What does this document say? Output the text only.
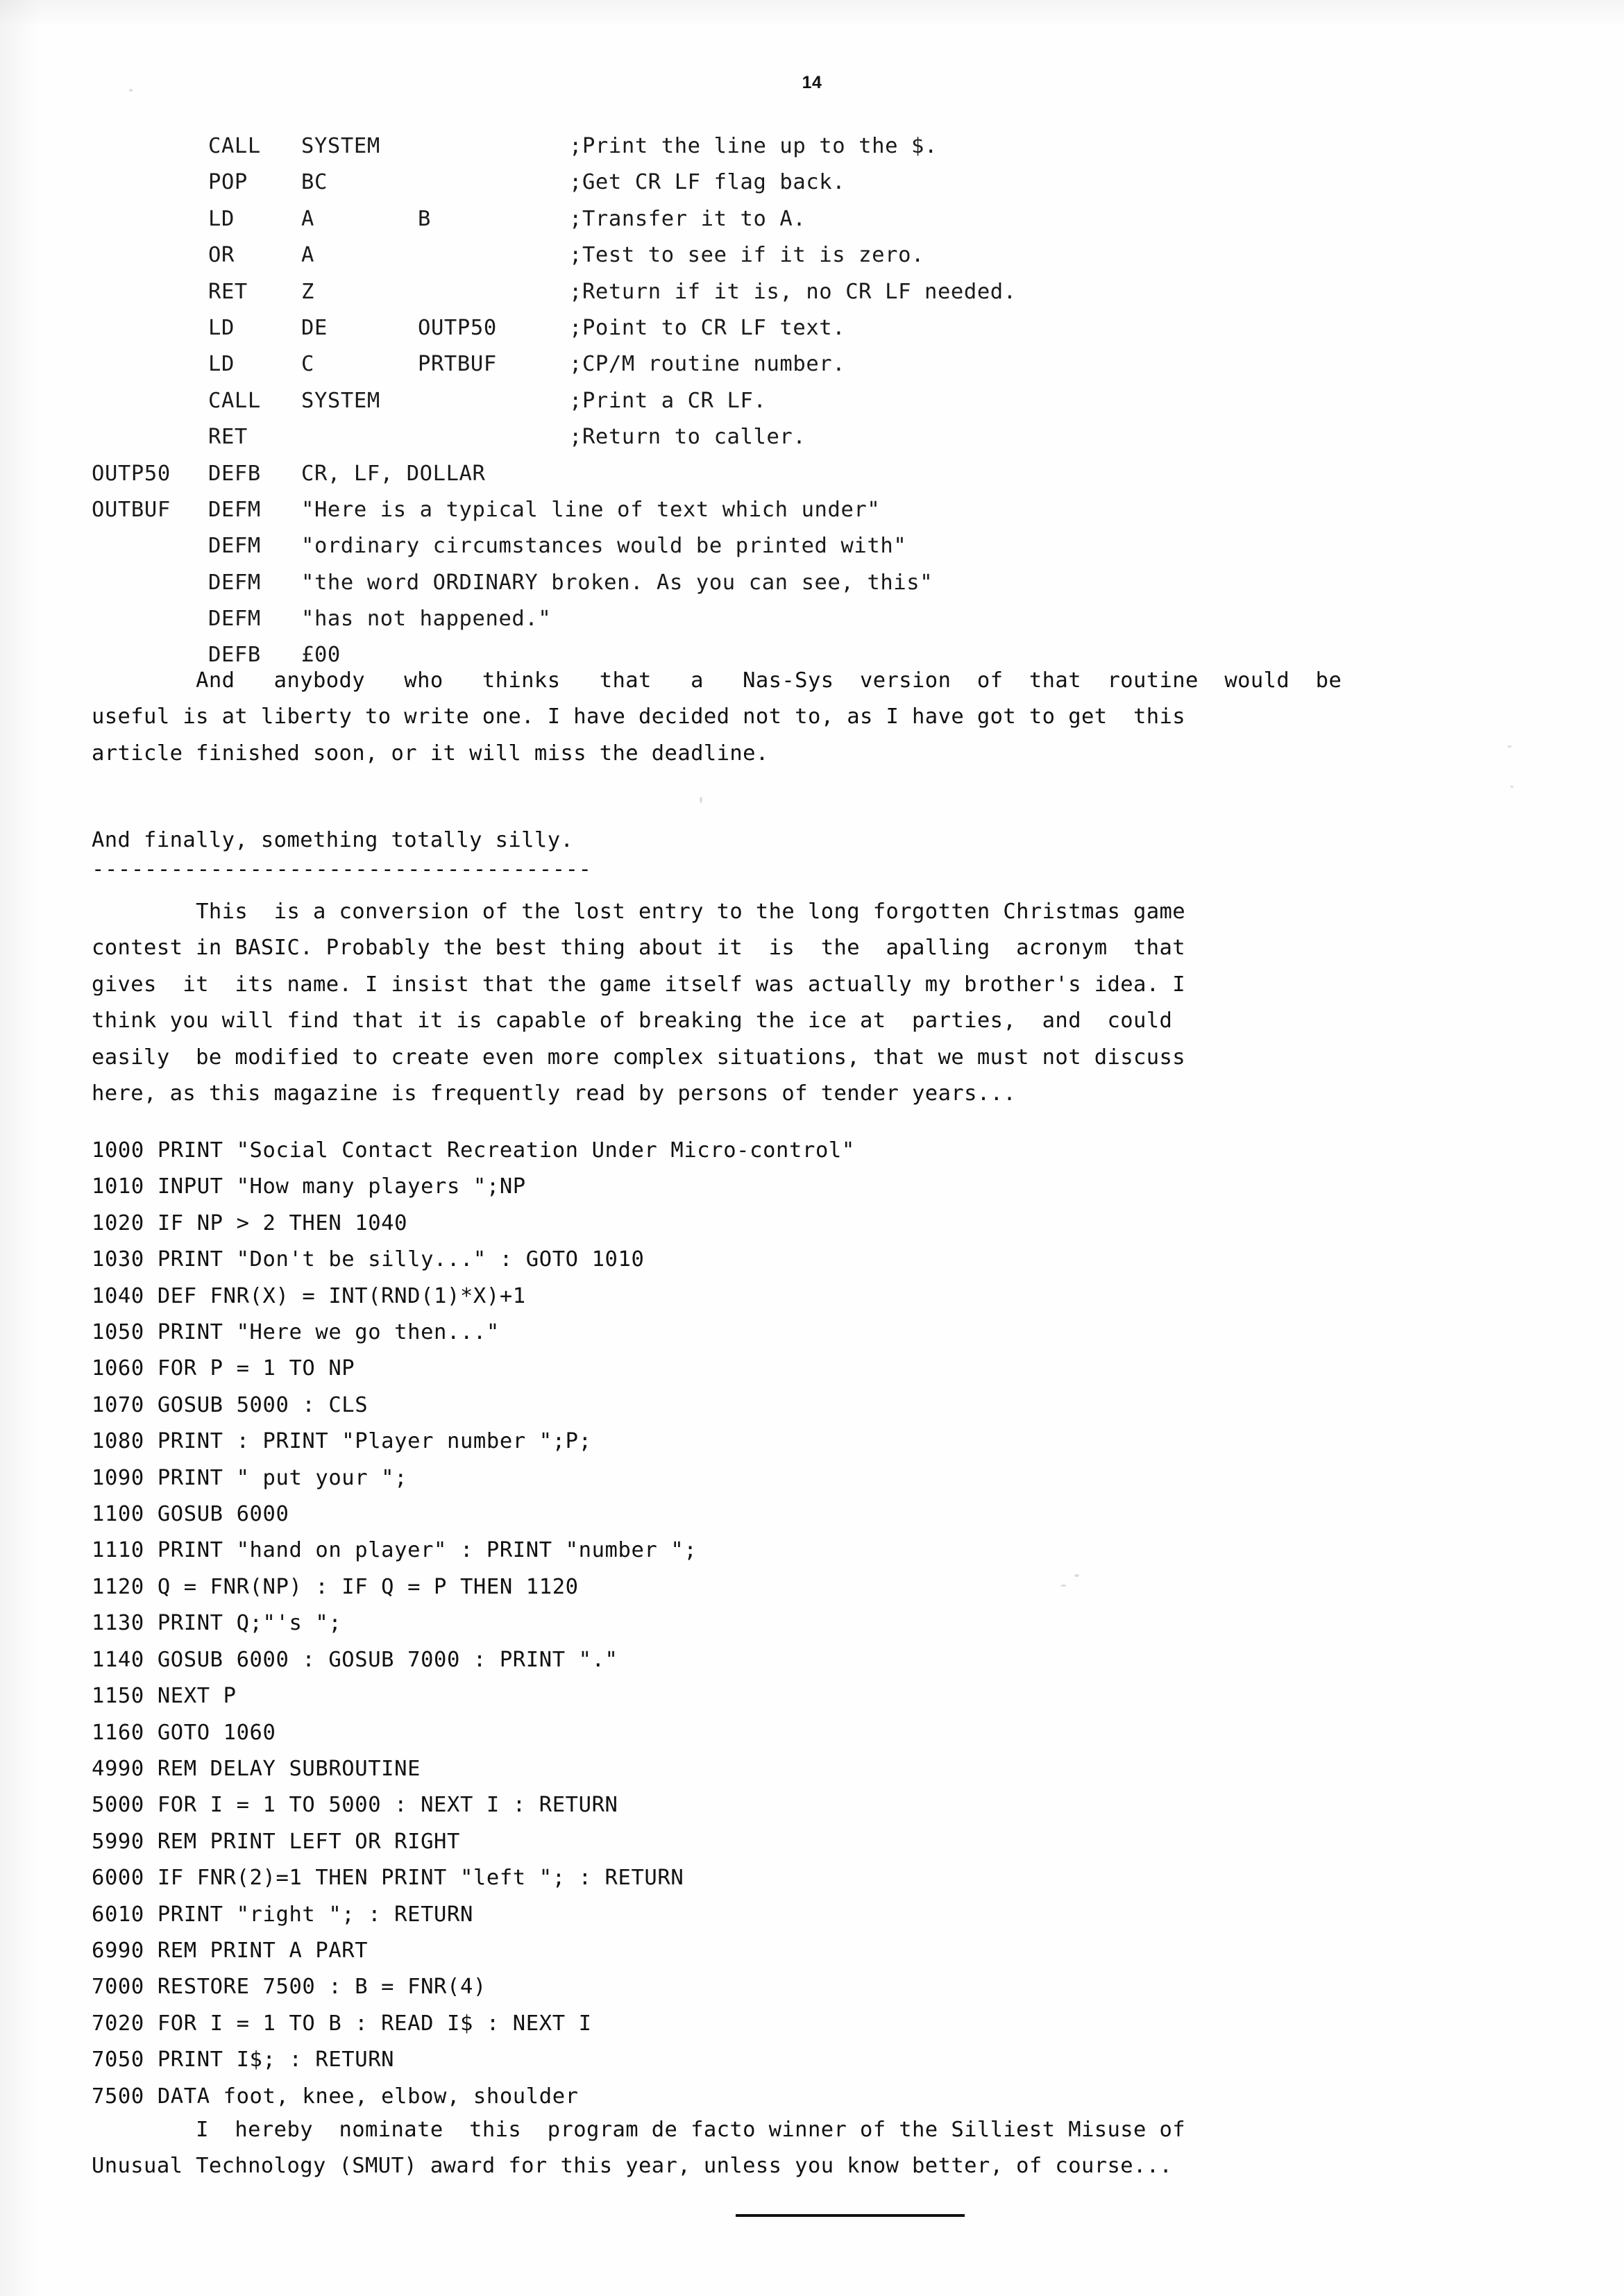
14
CALL SYSTEM	;Print the line up to the $.
POP	BC	;Get CR LF flag back.
LD	A	B	;Transfer it to A.
OR	A	;Test to see if it is zero.
RET	Z	;Return if it is, no CR LF needed.
LD	DE	OUTP50	;Point to CR LF text.
LD	C	PRTBUF	;CP/M routine number.
CALL SYSTEM	;Print a CR LF.
RET	;Return to caller.
OUTP50 DEFB CR, LF, DOLLAR
OUTBUF DEFM "Here is a typical line of text which under"
DEFM "ordinary circumstances would be printed with"
DEFM "the word ORDINARY broken. As you can see, this"
DEFM "has not happened."
DEFB £00
And   anybody   who   thinks   that   a   Nas-Sys  version  of  that  routine  would  be
useful is at liberty to write one. I have decided not to, as I have got to get  this
article finished soon, or it will miss the deadline.
And finally, something totally silly.
--------------------------------------
This  is a conversion of the lost entry to the long forgotten Christmas game
contest in BASIC. Probably the best thing about it  is  the  apalling  acronym  that
gives  it  its name. I insist that the game itself was actually my brother's idea. I
think you will find that it is capable of breaking the ice at  parties,  and  could
easily  be modified to create even more complex situations, that we must not discuss
here, as this magazine is frequently read by persons of tender years...
1000 PRINT "Social Contact Recreation Under Micro-control"
1010 INPUT "How many players ";NP
1020 IF NP > 2 THEN 1040
1030 PRINT "Don't be silly..." : GOTO 1010
1040 DEF FNR(X) = INT(RND(1)*X)+1
1050 PRINT "Here we go then..."
1060 FOR P = 1 TO NP
1070 GOSUB 5000 : CLS
1080 PRINT : PRINT "Player number ";P;
1090 PRINT " put your ";
1100 GOSUB 6000
1110 PRINT "hand on player" : PRINT "number ";
1120 Q = FNR(NP) : IF Q = P THEN 1120
1130 PRINT Q;"'s ";
1140 GOSUB 6000 : GOSUB 7000 : PRINT "."
1150 NEXT P
1160 GOTO 1060
4990 REM DELAY SUBROUTINE
5000 FOR I = 1 TO 5000 : NEXT I : RETURN
5990 REM PRINT LEFT OR RIGHT
6000 IF FNR(2)=1 THEN PRINT "left "; : RETURN
6010 PRINT "right "; : RETURN
6990 REM PRINT A PART
7000 RESTORE 7500 : B = FNR(4)
7020 FOR I = 1 TO B : READ I$ : NEXT I
7050 PRINT I$; : RETURN
7500 DATA foot, knee, elbow, shoulder
I  hereby  nominate  this  program de facto winner of the Silliest Misuse of
Unusual Technology (SMUT) award for this year, unless you know better, of course...
